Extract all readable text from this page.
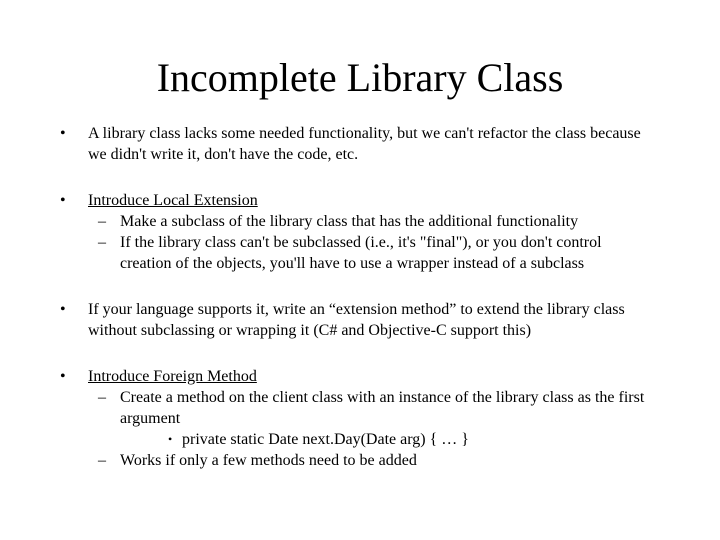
Incomplete Library Class
• A library class lacks some needed functionality, but we can't refactor the class because we didn't write it, don't have the code, etc.
• Introduce Local Extension
– Make a subclass of the library class that has the additional functionality
– If the library class can't be subclassed (i.e., it's "final"), or you don't control creation of the objects, you'll have to use a wrapper instead of a subclass
• If your language supports it, write an “extension method” to extend the library class without subclassing or wrapping it (C# and Objective-C support this)
• Introduce Foreign Method
– Create a method on the client class with an instance of the library class as the first argument
• private static Date next.Day(Date arg) { … }
– Works if only a few methods need to be added
